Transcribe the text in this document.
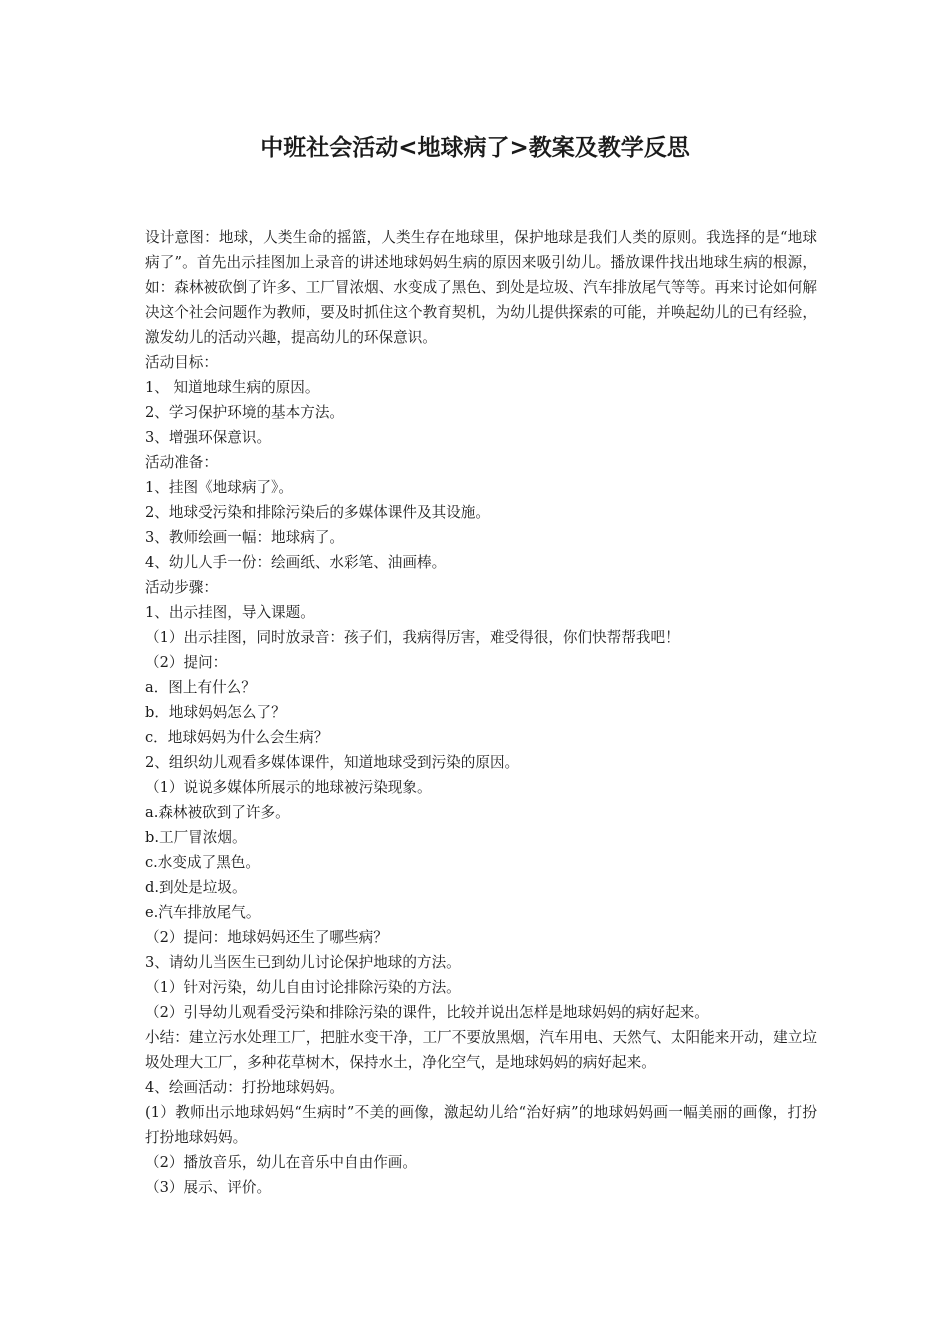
中班社会活动<地球病了>教案及教学反思

设计意图：地球，人类生命的摇篮，人类生存在地球里，保护地球是我们人类的原则。我选择的是“地球病了”。首先出示挂图加上录音的讲述地球妈妈生病的原因来吸引幼儿。播放课件找出地球生病的根源，如：森林被砍倒了许多、工厂冒浓烟、水变成了黑色、到处是垃圾、汽车排放尾气等等。再来讨论如何解决这个社会问题作为教师，要及时抓住这个教育契机，为幼儿提供探索的可能，并唤起幼儿的已有经验，激发幼儿的活动兴趣，提高幼儿的环保意识。

活动目标：

1、 知道地球生病的原因。

2、学习保护环境的基本方法。

3、增强环保意识。

活动准备：

1、挂图《地球病了》。

2、地球受污染和排除污染后的多媒体课件及其设施。

3、教师绘画一幅：地球病了。

4、幼儿人手一份：绘画纸、水彩笔、油画棒。

活动步骤：

1、出示挂图，导入课题。

（1）出示挂图，同时放录音：孩子们，我病得厉害，难受得很，你们快帮帮我吧！

（2）提问：

a．图上有什么？

b．地球妈妈怎么了？

c．地球妈妈为什么会生病？

2、组织幼儿观看多媒体课件，知道地球受到污染的原因。

（1）说说多媒体所展示的地球被污染现象。

a.森林被砍到了许多。

b.工厂冒浓烟。

c.水变成了黑色。

d.到处是垃圾。

e.汽车排放尾气。

（2）提问：地球妈妈还生了哪些病？

3、请幼儿当医生已到幼儿讨论保护地球的方法。

（1）针对污染，幼儿自由讨论排除污染的方法。

（2）引导幼儿观看受污染和排除污染的课件，比较并说出怎样是地球妈妈的病好起来。

小结：建立污水处理工厂，把脏水变干净，工厂不要放黑烟，汽车用电、天然气、太阳能来开动，建立垃圾处理大工厂，多种花草树木，保持水土，净化空气，是地球妈妈的病好起来。

4、绘画活动：打扮地球妈妈。

(1）教师出示地球妈妈“生病时”不美的画像，激起幼儿给“治好病”的地球妈妈画一幅美丽的画像，打扮打扮地球妈妈。

（2）播放音乐，幼儿在音乐中自由作画。

（3）展示、评价。
